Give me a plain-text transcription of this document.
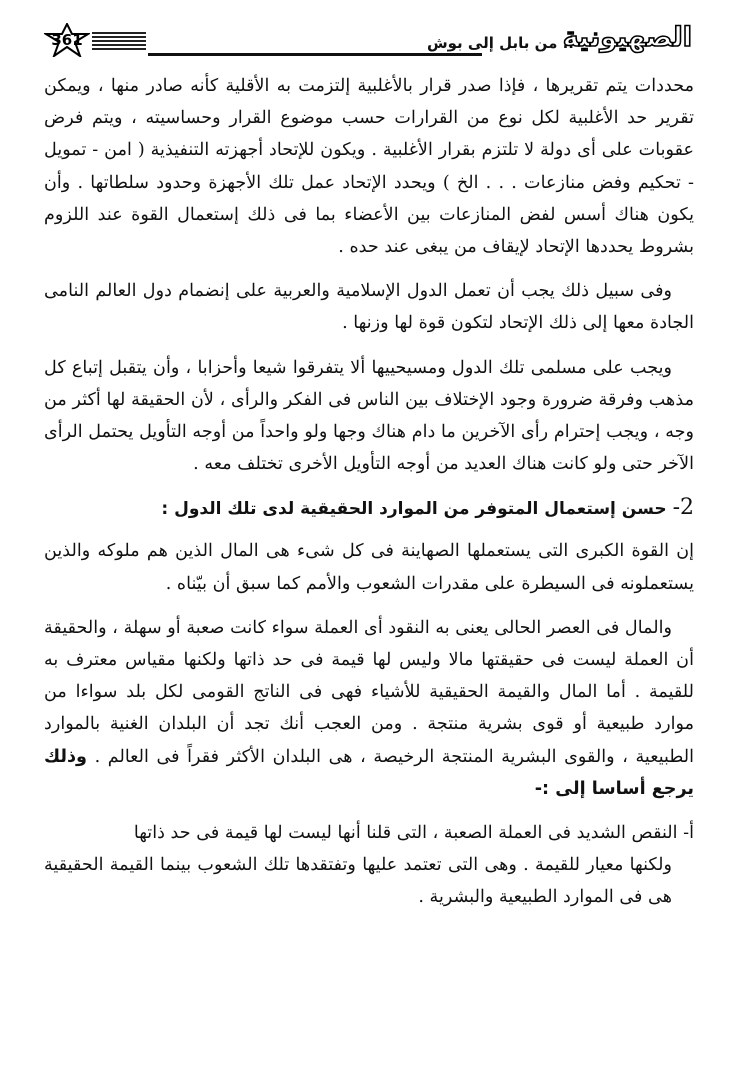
361	.. من بابل إلى بوش
الصهيونية

محددات يتم تقريرها ، فإذا صدر قرار بالأغلبية إلتزمت به الأقلية كأنه صادر منها ، ويمكن تقرير حد الأغلبية لكل نوع من القرارات حسب موضوع القرار وحساسيته ، ويتم فرض عقوبات على أى دولة لا تلتزم بقرار الأغلبية . ويكون للإتحاد أجهزته التنفيذية ( امن - تمويل - تحكيم وفض منازعات . . . الخ ) ويحدد الإتحاد عمل تلك الأجهزة وحدود سلطاتها . وأن يكون هناك أسس لفض المنازعات بين الأعضاء بما فى ذلك إستعمال القوة عند اللزوم بشروط يحددها الإتحاد لإيقاف من يبغى عند حده .

وفى سبيل ذلك يجب أن تعمل الدول الإسلامية والعربية على إنضمام دول العالم النامى الجادة معها إلى ذلك الإتحاد لتكون قوة لها وزنها .

ويجب على مسلمى تلك الدول ومسيحييها ألا يتفرقوا شيعا وأحزابا ، وأن يتقبل إتباع كل مذهب وفرقة ضرورة وجود الإختلاف بين الناس فى الفكر والرأى ، لأن الحقيقة لها أكثر من وجه ، ويجب إحترام رأى الآخرين ما دام هناك وجها ولو واحداً من أوجه التأويل يحتمل الرأى الآخر حتى ولو كانت هناك العديد من أوجه التأويل الأخرى تختلف معه .

2- حسن إستعمال المتوفر من الموارد الحقيقية لدى تلك الدول :

إن القوة الكبرى التى يستعملها الصهاينة فى كل شىء هى المال الذين هم ملوكه والذين يستعملونه فى السيطرة على مقدرات الشعوب والأمم كما سبق أن بيّناه .

والمال فى العصر الحالى يعنى به النقود أى العملة سواء كانت صعبة أو سهلة ، والحقيقة أن العملة ليست فى حقيقتها مالا وليس لها قيمة فى حد ذاتها ولكنها مقياس معترف به للقيمة . أما المال والقيمة الحقيقية للأشياء فهى فى الناتج القومى لكل بلد سواءا من موارد طبيعية أو قوى بشرية منتجة . ومن العجب أنك تجد أن البلدان الغنية بالموارد الطبيعية ، والقوى البشرية المنتجة الرخيصة ، هى البلدان الأكثر فقراً فى العالم . وذلك يرجع أساسا إلى :-

أ- النقص الشديد فى العملة الصعبة ، التى قلنا أنها ليست لها قيمة فى حد ذاتها
ولكنها معيار للقيمة . وهى التى تعتمد عليها وتفتقدها تلك الشعوب بينما القيمة الحقيقية هى فى الموارد الطبيعية والبشرية .
